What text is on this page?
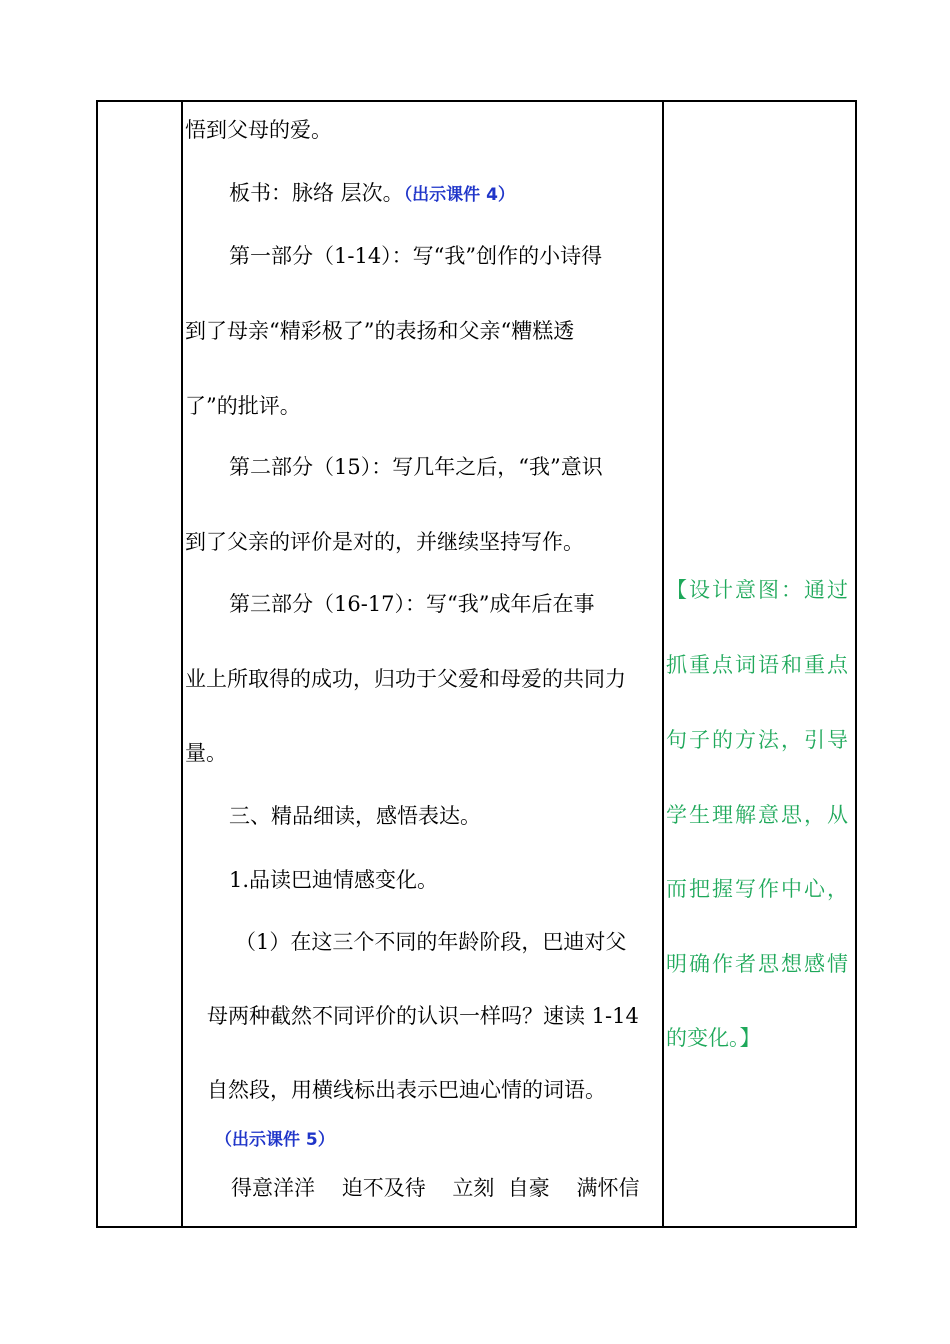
悟到父母的爱。
板书：脉络 层次。（出示课件 4）
第一部分（1-14）：写“我”创作的小诗得
到了母亲“精彩极了”的表扬和父亲“糟糕透
了”的批评。
第二部分（15）：写几年之后，“我”意识
到了父亲的评价是对的，并继续坚持写作。
第三部分（16-17）：写“我”成年后在事
业上所取得的成功，归功于父爱和母爱的共同力
量。
三、精品细读，感悟表达。
1.品读巴迪情感变化。
（1）在这三个不同的年龄阶段，巴迪对父
母两种截然不同评价的认识一样吗？速读 1-14
自然段，用横线标出表示巴迪心情的词语。
（出示课件 5）
得意洋洋    迫不及待    立刻  自豪    满怀信

【设计意图：通过
抓重点词语和重点
句子的方法，引导
学生理解意思，从
而把握写作中心，
明确作者思想感情
的变化。】
